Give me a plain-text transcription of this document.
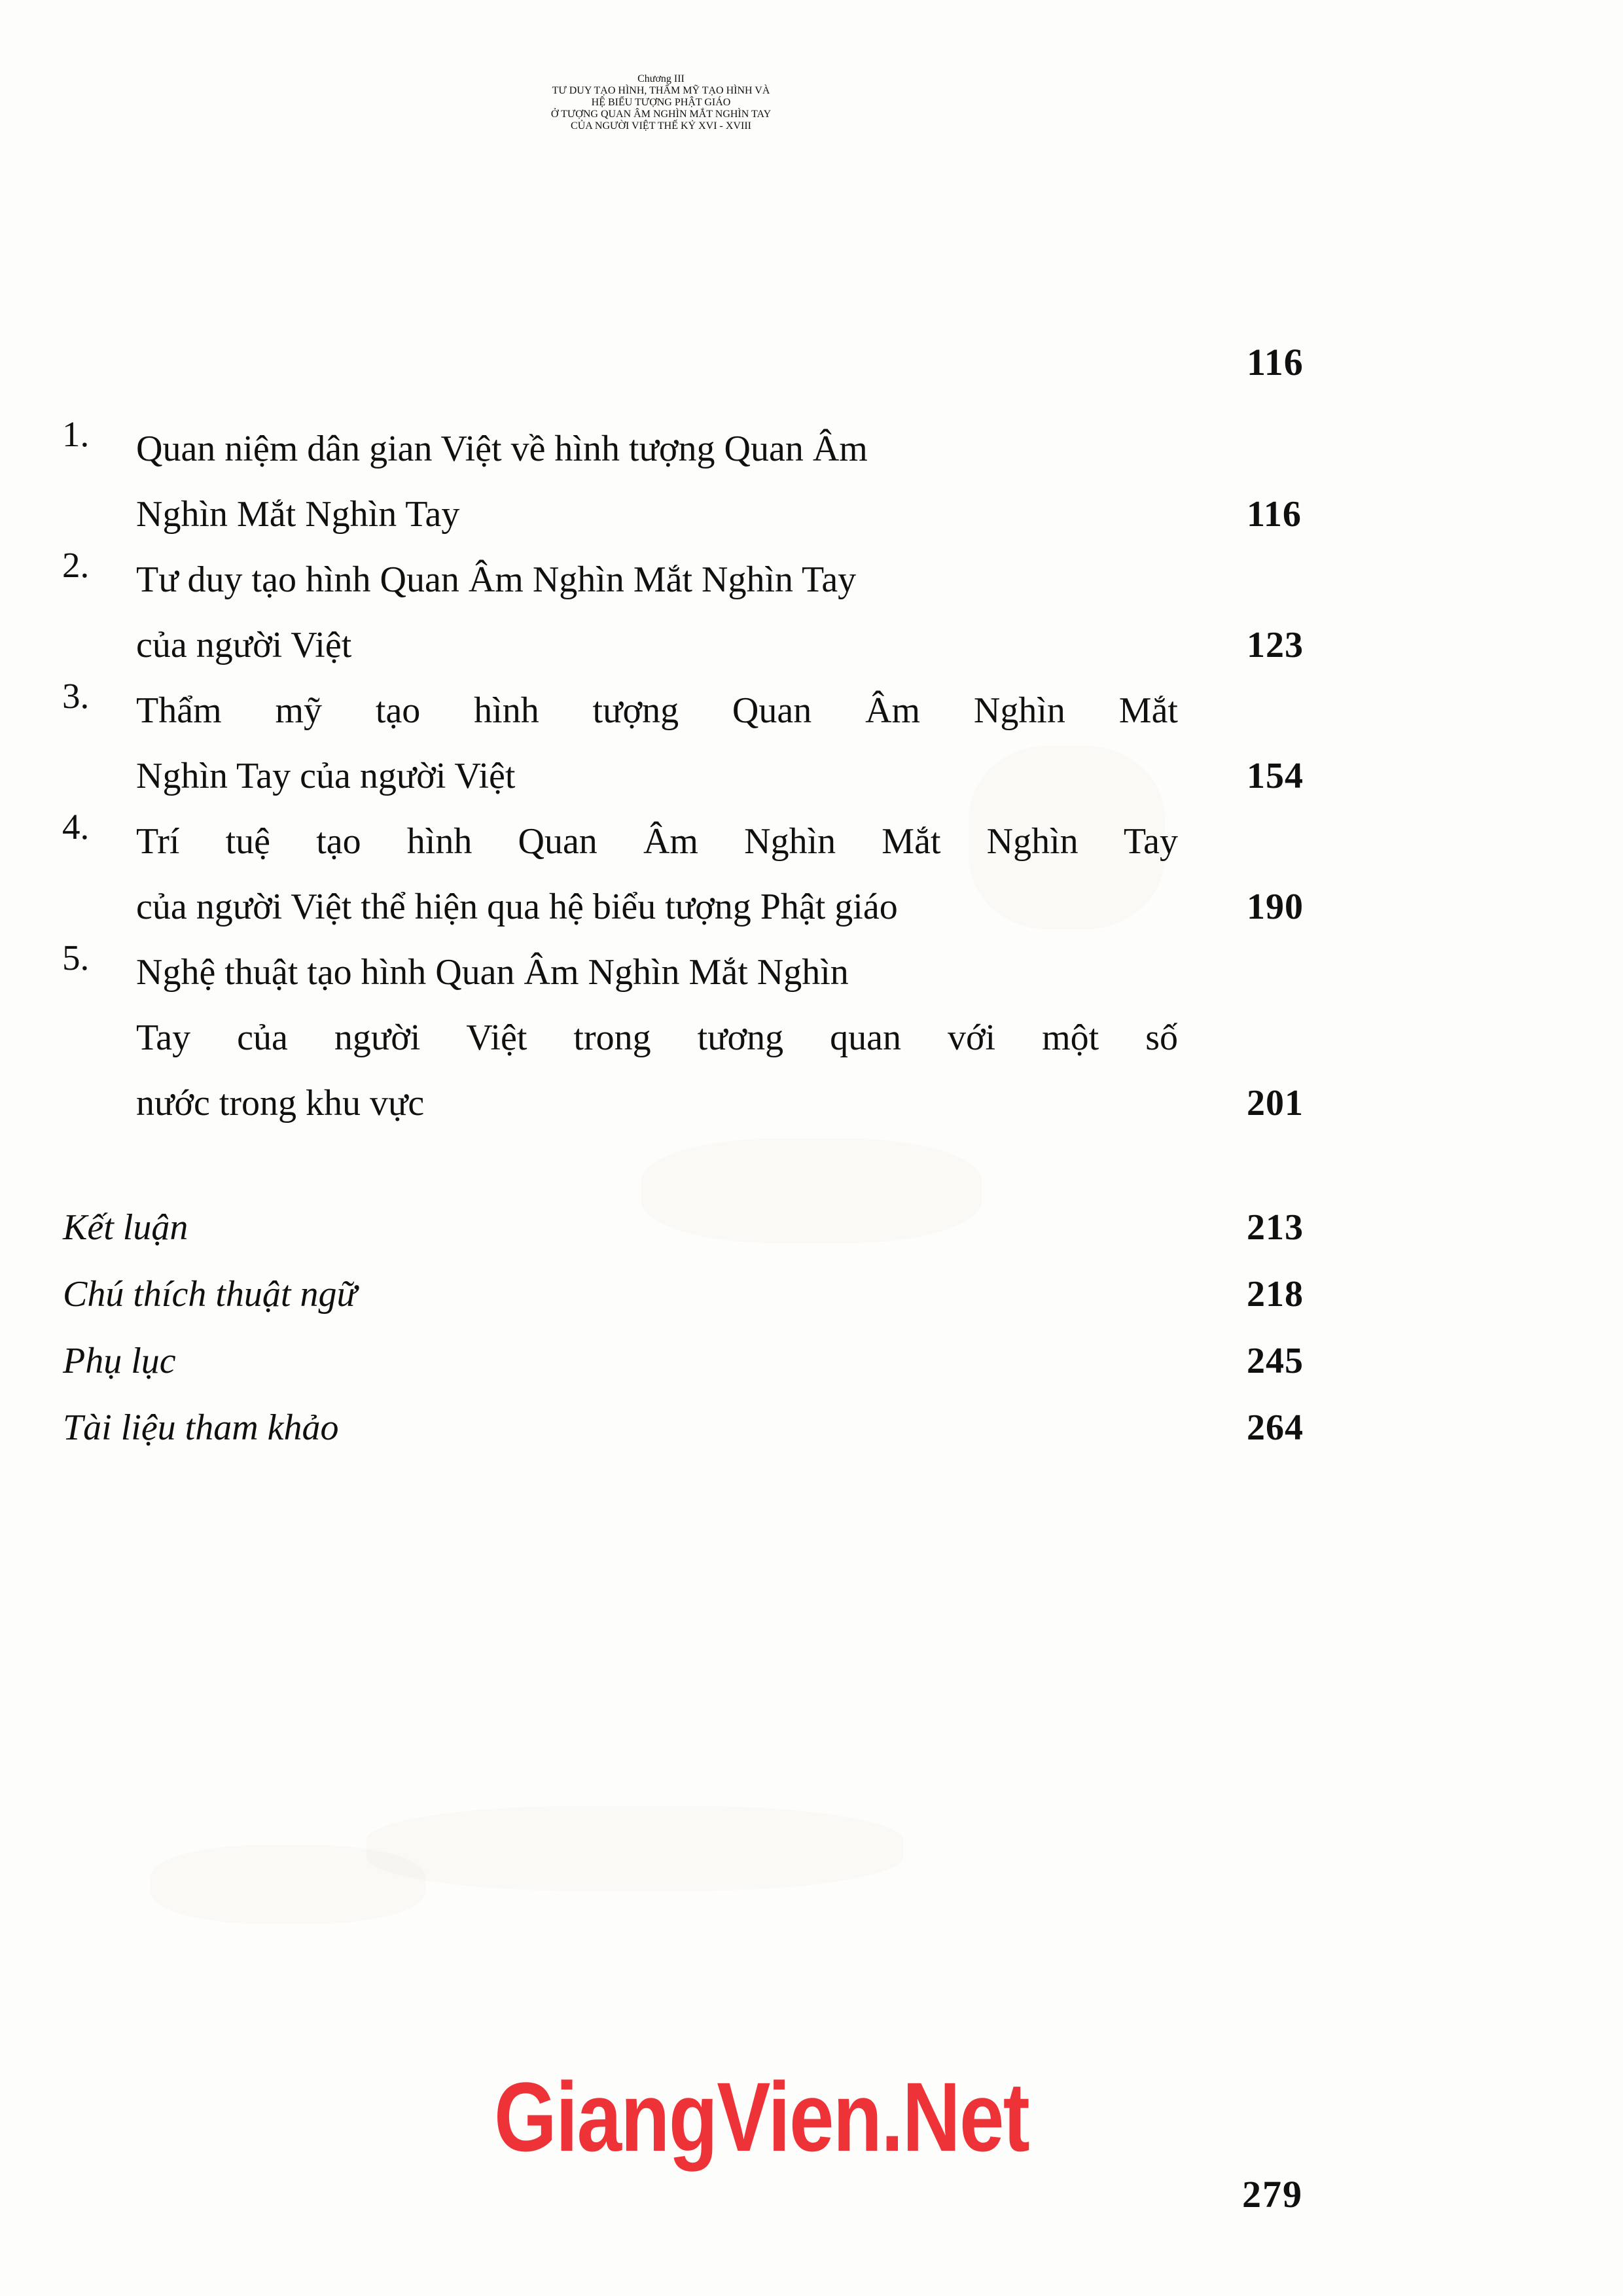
Chương III
TƯ DUY TẠO HÌNH, THẨM MỸ TẠO HÌNH VÀ
HỆ BIỂU TƯỢNG PHẬT GIÁO
Ở TƯỢNG QUAN ÂM NGHÌN MẮT NGHÌN TAY
CỦA NGƯỜI VIỆT THẾ KỶ XVI - XVIII
116
1. Quan niệm dân gian Việt về hình tượng Quan Âm
Nghìn Mắt Nghìn Tay	116
2. Tư duy tạo hình Quan Âm Nghìn Mắt Nghìn Tay
của người Việt	123
3. Thẩm mỹ tạo hình tượng Quan Âm Nghìn Mắt
Nghìn Tay của người Việt	154
4. Trí tuệ tạo hình Quan Âm Nghìn Mắt Nghìn Tay
của người Việt thể hiện qua hệ biểu tượng Phật giáo	190
5. Nghệ thuật tạo hình Quan Âm Nghìn Mắt Nghìn
Tay của người Việt trong tương quan với một số
nước trong khu vực	201
Kết luận	213
Chú thích thuật ngữ	218
Phụ lục	245
Tài liệu tham khảo	264
GiangVien.Net
279
